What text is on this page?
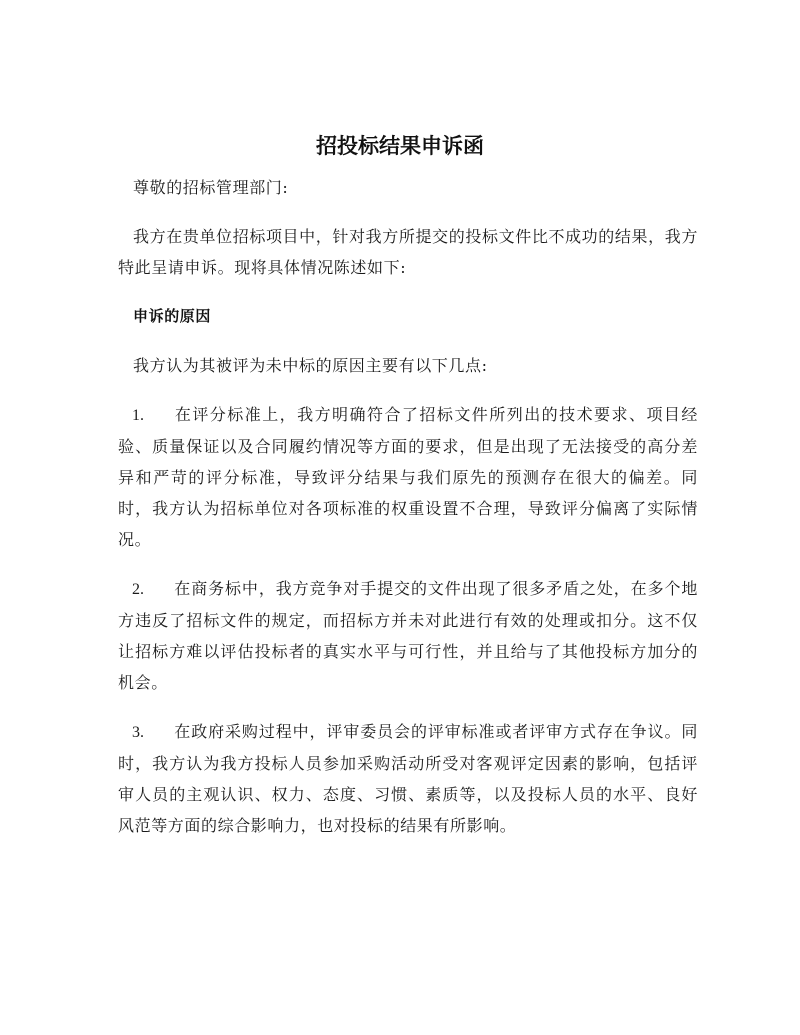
招投标结果申诉函

尊敬的招标管理部门:

我方在贵单位招标项目中，针对我方所提交的投标文件比不成功的结果，我方特此呈请申诉。现将具体情况陈述如下:

申诉的原因

我方认为其被评为未中标的原因主要有以下几点:

1. 在评分标准上，我方明确符合了招标文件所列出的技术要求、项目经验、质量保证以及合同履约情况等方面的要求，但是出现了无法接受的高分差异和严苛的评分标准，导致评分结果与我们原先的预测存在很大的偏差。同时，我方认为招标单位对各项标准的权重设置不合理，导致评分偏离了实际情况。

2. 在商务标中，我方竞争对手提交的文件出现了很多矛盾之处，在多个地方违反了招标文件的规定，而招标方并未对此进行有效的处理或扣分。这不仅让招标方难以评估投标者的真实水平与可行性，并且给与了其他投标方加分的机会。

3. 在政府采购过程中，评审委员会的评审标准或者评审方式存在争议。同时，我方认为我方投标人员参加采购活动所受对客观评定因素的影响，包括评审人员的主观认识、权力、态度、习惯、素质等，以及投标人员的水平、良好风范等方面的综合影响力，也对投标的结果有所影响。
